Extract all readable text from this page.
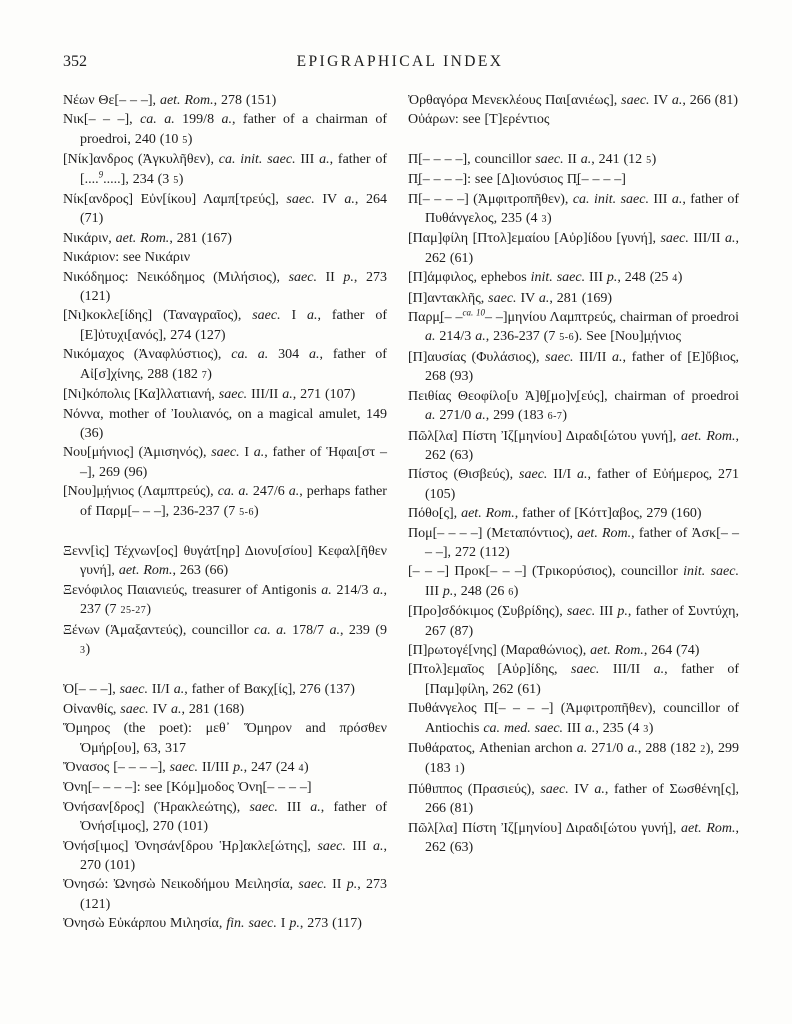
352	EPIGRAPHICAL INDEX

Νέων Θε[– – –], aet. Rom., 278 (151)

Νικ[– – –], ca. a. 199/8 a., father of a chairman of proedroi, 240 (10 5)

[Νίκ]ανδρος (Ἀγκυλῆθεν), ca. init. saec. III a., father of [....$^9$.....], 234 (3 5)

Νίκ[ανδρος] Εὐν[ίκου] Λαμπ[τρεύς], saec. IV a., 264 (71)

Νικάριν, aet. Rom., 281 (167)

Νικάριον: see Νικάριν

Νικόδημος: Νεικόδημος (Μιλήσιος), saec. II p., 273 (121)

[Νι]κοκλε[ίδης] (Ταναγραῖος), saec. I a., father of [Ε]ὐτυχι[ανός], 274 (127)

Νικόμαχος (Ἀναφλύστιος), ca. a. 304 a., father of Αἰ[σ]χίνης, 288 (182 7)

[Νι]κόπολις [Κα]λλατιανή, saec. III/II a., 271 (107)

Νόννα, mother of Ἰουλιανός, on a magical amulet, 149 (36)

Νου[μήνιος] (Ἀμισηνός), saec. I a., father of Ἡφαι[στ – –], 269 (96)

[Νου]μ̣ήνιος (Λαμπτρεύς), ca. a. 247/6 a., perhaps father of Παρμ[– – –], 236-237 (7 5-6)

Ξενν[ὶς] Τέχνων[ος] θυγάτ[ηρ] Διονυ[σίου] Κεφαλ[ῆθεν γυνή], aet. Rom., 263 (66)

Ξενόφιλος Παιανιεύς, treasurer of Antigonis a. 214/3 a., 237 (7 25-27)

Ξένων (Ἁμαξαντεύς), councillor ca. a. 178/7 a., 239 (9 3)

Ὀ[– – –], saec. II/I a., father of Βακχ[ίς], 276 (137)

Οἰνανθίς, saec. IV a., 281 (168)

Ὅμηρος (the poet): μεθ᾽ Ὅμηρον and πρόσθεν Ὁμήρ[ου], 63, 317

Ὄνασος [– – – –], saec. II/III p., 247 (24 4)

Ὀνη[– – – –]: see [Κόμ]μοδος Ὀνη[– – – –]

Ὀνήσαν[δρος] (Ἡρακλεώτης), saec. III a., father of Ὀνήσ[ιμος], 270 (101)

Ὀνήσ[ιμος] Ὀνησάν[δρου Ἡρ]ακλε[ώτης], saec. III a., 270 (101)

Ὀνησώ: Ὠνησὼ Νεικοδήμου Μειλησία, saec. II p., 273 (121)

Ὀνησὼ Εὐκάρπου Μιλησία, fin. saec. I p., 273 (117)

Ὀρθαγόρα Μενεκλέους Παι[ανιέως], saec. IV a., 266 (81)

Οὐάρων: see [Τ]ερέντιος

Π[– – – –], councillor saec. II a., 241 (12 5)

Π̣[– – – –]: see [Δ]ιονύσιος Π̣[– – – –]

Π[– – – –] (Ἀμφιτροπῆθεν), ca. init. saec. III a., father of Πυθάνγελος, 235 (4 3)

[Παμ]φίλη [Πτολ]εμαίου [Αὐρ]ίδου [γυνή], saec. III/II a., 262 (61)

[Π]άμφιλος, ephebos init. saec. III p., 248 (25 4)

[Π]αντακλῆς, saec. IV a., 281 (169)

Παρμ̣[– –$^{ca. 10}$– –]μηνίου Λαμπτρεύς, chairman of proedroi a. 214/3 a., 236-237 (7 5-6). See [Νου]μ̣ήνιος

[Π]αυσίας (Φυλάσιος), saec. III/II a., father of [Ε]ὔβιος, 268 (93)

Πειθίας Θεοφίλο[υ Ἀ]θ̣[μο]ν̣[εύς], chairman of proedroi a. 271/0 a., 299 (183 6-7)

Πῶλ[λα] Πίστη Ἰζ[μηνίου] Διραδι[ώτου γυνή], aet. Rom., 262 (63)

Πίστος (Θισβεύς), saec. II/I a., father of Εὐήμερος, 271 (105)

Πόθο[ς], aet. Rom., father of [Κόττ]αβος, 279 (160)

Πομ[– – – –] (Μεταπόντιος), aet. Rom., father of Ἀσκ[– – – –], 272 (112)

[– – –] Προκ[– – –] (Τρικορύσιος), councillor init. saec. III p., 248 (26 6)

[Προ]σδόκιμος (Συβρίδης), saec. III p., father of Συντύχη, 267 (87)

[Π]ρωτογέ[νης] (Μαραθώνιος), aet. Rom., 264 (74)

[Πτολ]εμαῖος [Αὐρ]ίδης, saec. III/II a., father of [Παμ]φίλη, 262 (61)

Πυθάνγελος Π[– – – –] (Ἀμφιτροπῆθεν), councillor of Antiochis ca. med. saec. III a., 235 (4 3)

Πυθάρατος, Athenian archon a. 271/0 a., 288 (182 2), 299 (183 1)

Πύθιππος (Πρασιεύς), saec. IV a., father of Σωσθένη[ς], 266 (81)

Πῶλ[λα] Πίστη Ἰζ[μηνίου] Διραδι[ώτου γυνή], aet. Rom., 262 (63)
